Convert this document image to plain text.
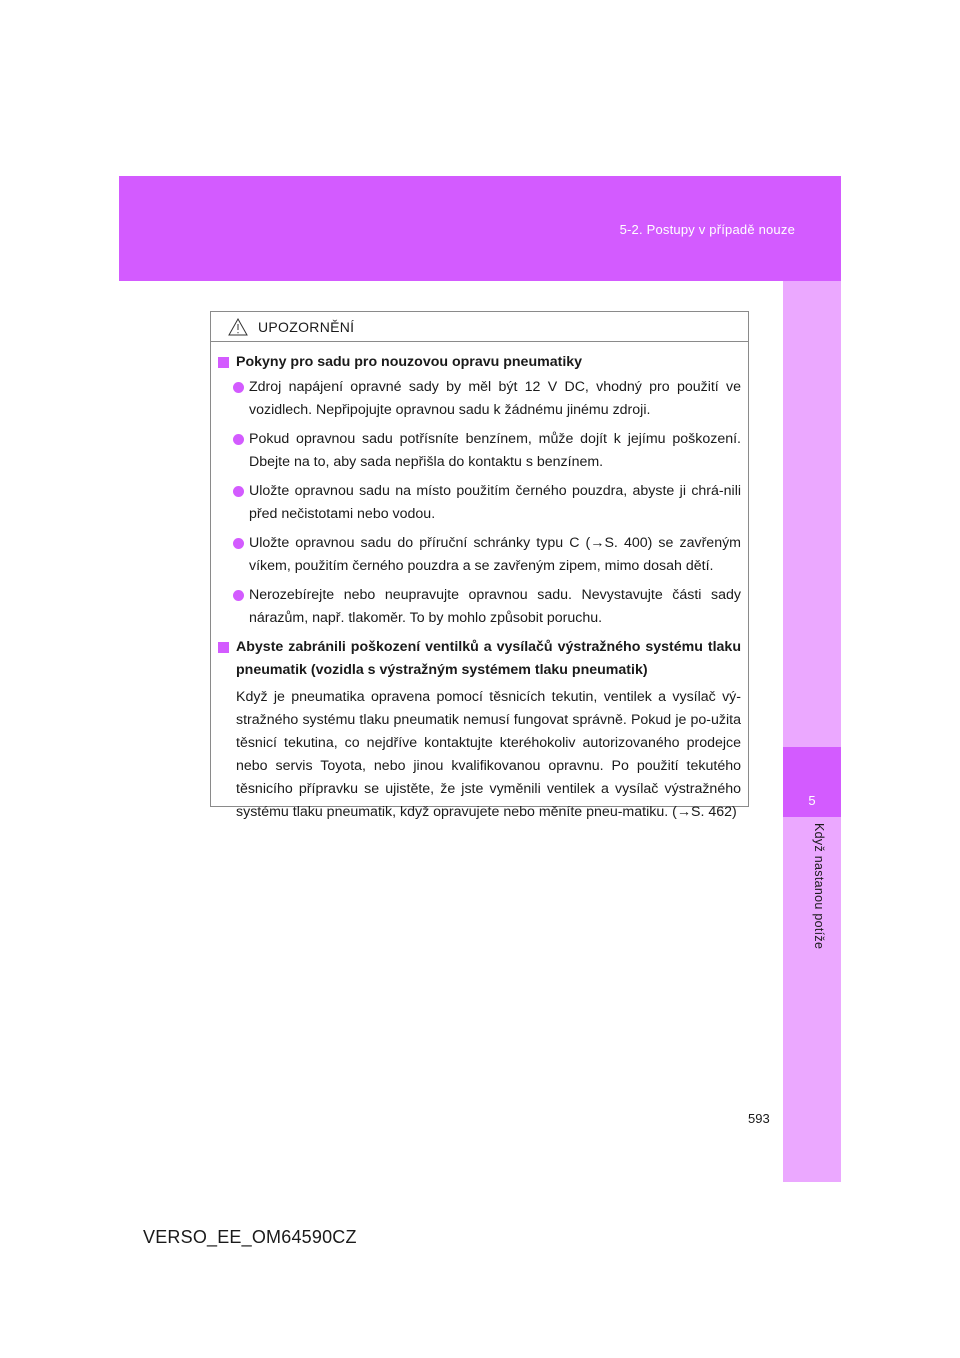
5-2. Postupy v případě nouze
Když nastanou potíže
5
UPOZORNĚNÍ
Pokyny pro sadu pro nouzovou opravu pneumatiky
Zdroj napájení opravné sady by měl být 12 V DC, vhodný pro použití ve vozidlech. Nepřipojujte opravnou sadu k žádnému jinému zdroji.
Pokud opravnou sadu potřísníte benzínem, může dojít k jejímu poškození. Dbejte na to, aby sada nepřišla do kontaktu s benzínem.
Uložte opravnou sadu na místo použitím černého pouzdra, abyste ji chrá-nili před nečistotami nebo vodou.
Uložte opravnou sadu do příruční schránky typu C (→S. 400) se zavřeným víkem, použitím černého pouzdra a se zavřeným zipem, mimo dosah dětí.
Nerozebírejte nebo neupravujte opravnou sadu. Nevystavujte části sady nárazům, např. tlakoměr. To by mohlo způsobit poruchu.
Abyste zabránili poškození ventilků a vysílačů výstražného systému tlaku pneumatik (vozidla s výstražným systémem tlaku pneumatik)
Když je pneumatika opravena pomocí těsnicích tekutin, ventilek a vysílač vý-stražného systému tlaku pneumatik nemusí fungovat správně. Pokud je po-užita těsnicí tekutina, co nejdříve kontaktujte kteréhokoliv autorizovaného prodejce nebo servis Toyota, nebo jinou kvalifikovanou opravnu. Po použití tekutého těsnicího přípravku se ujistěte, že jste vyměnili ventilek a vysílač výstražného systému tlaku pneumatik, když opravujete nebo měníte pneu-matiku. (→S. 462)
593
VERSO_EE_OM64590CZ
